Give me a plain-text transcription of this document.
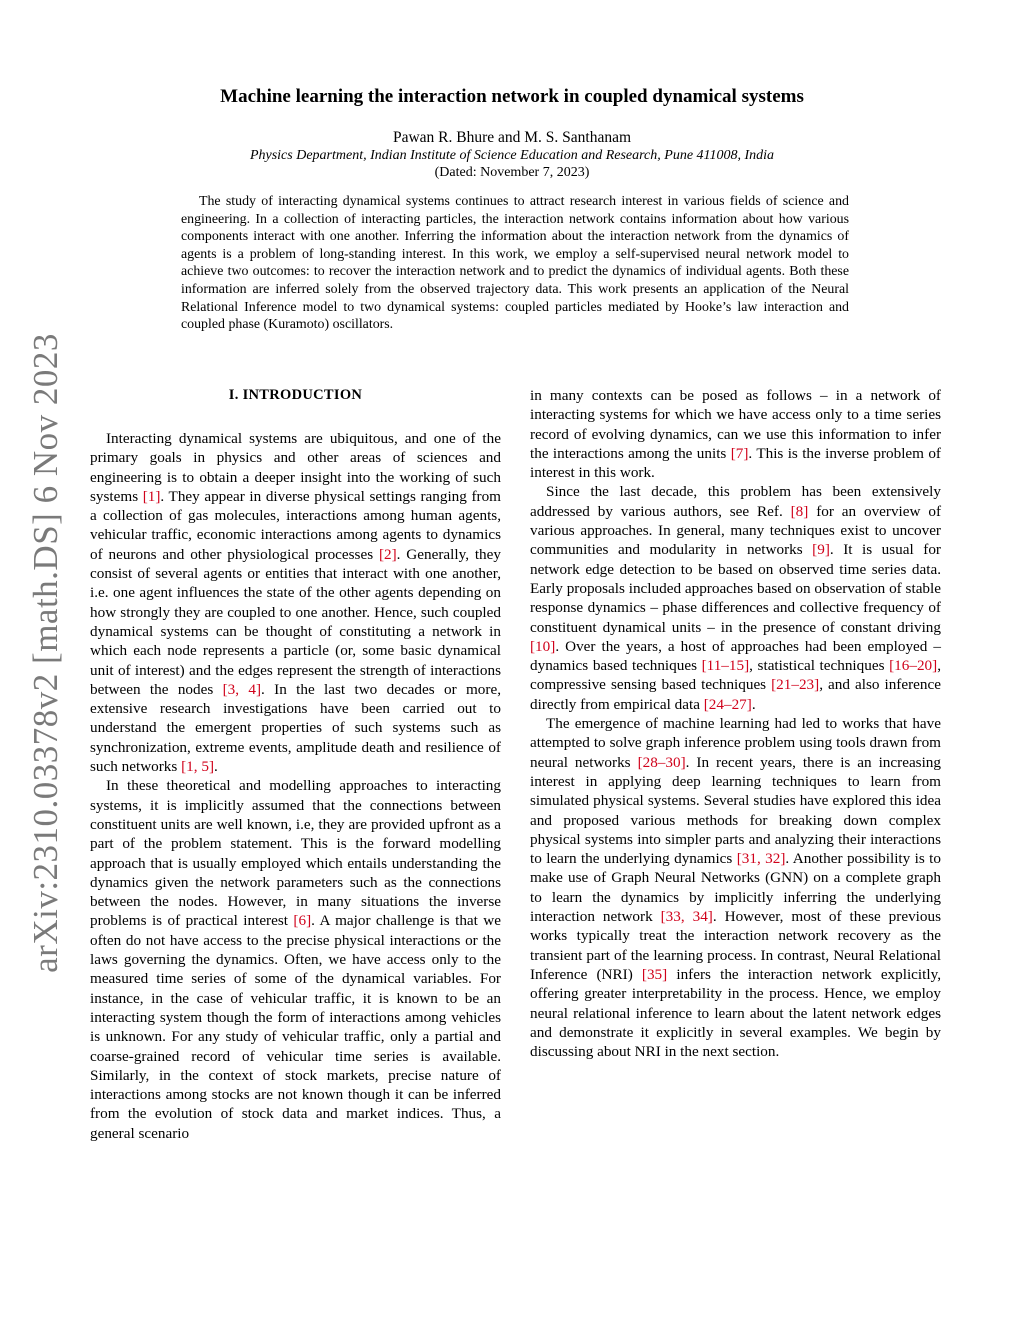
arXiv:2310.03378v2 [math.DS] 6 Nov 2023
Machine learning the interaction network in coupled dynamical systems
Pawan R. Bhure and M. S. Santhanam
Physics Department, Indian Institute of Science Education and Research, Pune 411008, India
(Dated: November 7, 2023)

The study of interacting dynamical systems continues to attract research interest in various fields of science and engineering. In a collection of interacting particles, the interaction network contains information about how various components interact with one another. Inferring the information about the interaction network from the dynamics of agents is a problem of long-standing interest. In this work, we employ a self-supervised neural network model to achieve two outcomes: to recover the interaction network and to predict the dynamics of individual agents. Both these information are inferred solely from the observed trajectory data. This work presents an application of the Neural Relational Inference model to two dynamical systems: coupled particles mediated by Hooke’s law interaction and coupled phase (Kuramoto) oscillators.

I. INTRODUCTION

Interacting dynamical systems are ubiquitous, and one of the primary goals in physics and other areas of sciences and engineering is to obtain a deeper insight into the working of such systems [1]. They appear in diverse physical settings ranging from a collection of gas molecules, interactions among human agents, vehicular traffic, economic interactions among agents to dynamics of neurons and other physiological processes [2]. Generally, they consist of several agents or entities that interact with one another, i.e. one agent influences the state of the other agents depending on how strongly they are coupled to one another. Hence, such coupled dynamical systems can be thought of constituting a network in which each node represents a particle (or, some basic dynamical unit of interest) and the edges represent the strength of interactions between the nodes [3, 4]. In the last two decades or more, extensive research investigations have been carried out to understand the emergent properties of such systems such as synchronization, extreme events, amplitude death and resilience of such networks [1, 5].

In these theoretical and modelling approaches to interacting systems, it is implicitly assumed that the connections between constituent units are well known, i.e, they are provided upfront as a part of the problem statement. This is the forward modelling approach that is usually employed which entails understanding the dynamics given the network parameters such as the connections between the nodes. However, in many situations the inverse problems is of practical interest [6]. A major challenge is that we often do not have access to the precise physical interactions or the laws governing the dynamics. Often, we have access only to the measured time series of some of the dynamical variables. For instance, in the case of vehicular traffic, it is known to be an interacting system though the form of interactions among vehicles is unknown. For any study of vehicular traffic, only a partial and coarse-grained record of vehicular time series is available. Similarly, in the context of stock markets, precise nature of interactions among stocks are not known though it can be inferred from the evolution of stock data and market indices. Thus, a general scenario

in many contexts can be posed as follows – in a network of interacting systems for which we have access only to a time series record of evolving dynamics, can we use this information to infer the interactions among the units [7]. This is the inverse problem of interest in this work.

Since the last decade, this problem has been extensively addressed by various authors, see Ref. [8] for an overview of various approaches. In general, many techniques exist to uncover communities and modularity in networks [9]. It is usual for network edge detection to be based on observed time series data. Early proposals included approaches based on observation of stable response dynamics – phase differences and collective frequency of constituent dynamical units – in the presence of constant driving [10]. Over the years, a host of approaches had been employed – dynamics based techniques [11–15], statistical techniques [16–20], compressive sensing based techniques [21–23], and also inference directly from empirical data [24–27].

The emergence of machine learning had led to works that have attempted to solve graph inference problem using tools drawn from neural networks [28–30]. In recent years, there is an increasing interest in applying deep learning techniques to learn from simulated physical systems. Several studies have explored this idea and proposed various methods for breaking down complex physical systems into simpler parts and analyzing their interactions to learn the underlying dynamics [31, 32]. Another possibility is to make use of Graph Neural Networks (GNN) on a complete graph to learn the dynamics by implicitly inferring the underlying interaction network [33, 34]. However, most of these previous works typically treat the interaction network recovery as the transient part of the learning process. In contrast, Neural Relational Inference (NRI) [35] infers the interaction network explicitly, offering greater interpretability in the process. Hence, we employ neural relational inference to learn about the latent network edges and demonstrate it explicitly in several examples. We begin by discussing about NRI in the next section.
